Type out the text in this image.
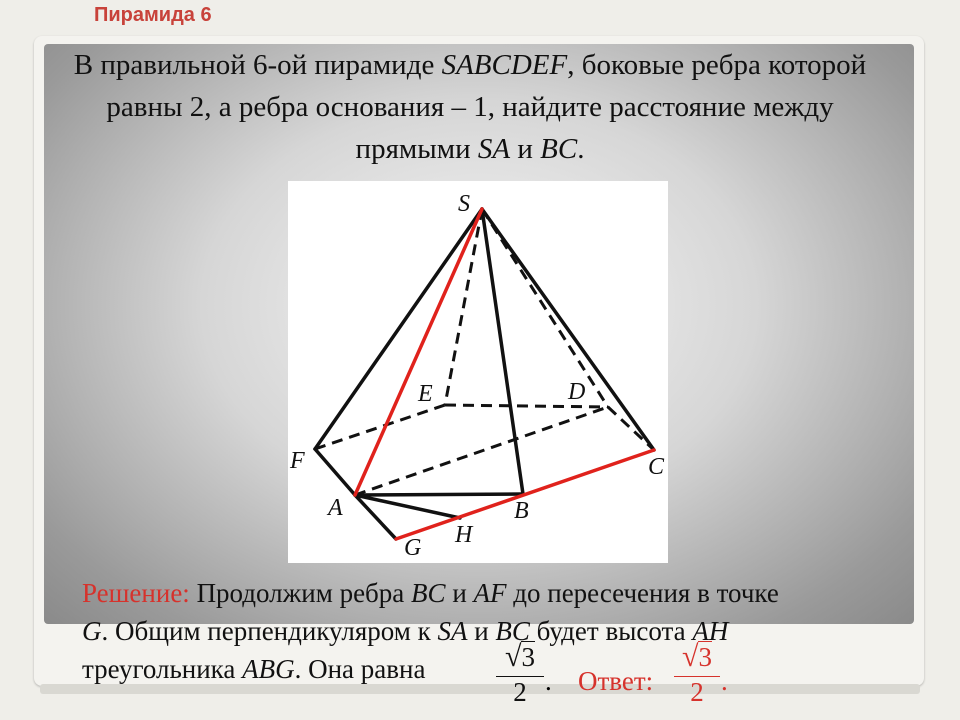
Пирамида 6
В правильной 6-ой пирамиде SABCDEF, боковые ребра которой равны 2, а ребра основания – 1, найдите расстояние между прямыми SA и BC.
S
E	D
F	C
A	B
H
G
Решение: Продолжим ребра BC и AF до пересечения в точке
G. Общим перпендикуляром к SA и BC будет высота AH
треугольника ABG. Она равна	√3
2 . Ответ:
√3
2 .
